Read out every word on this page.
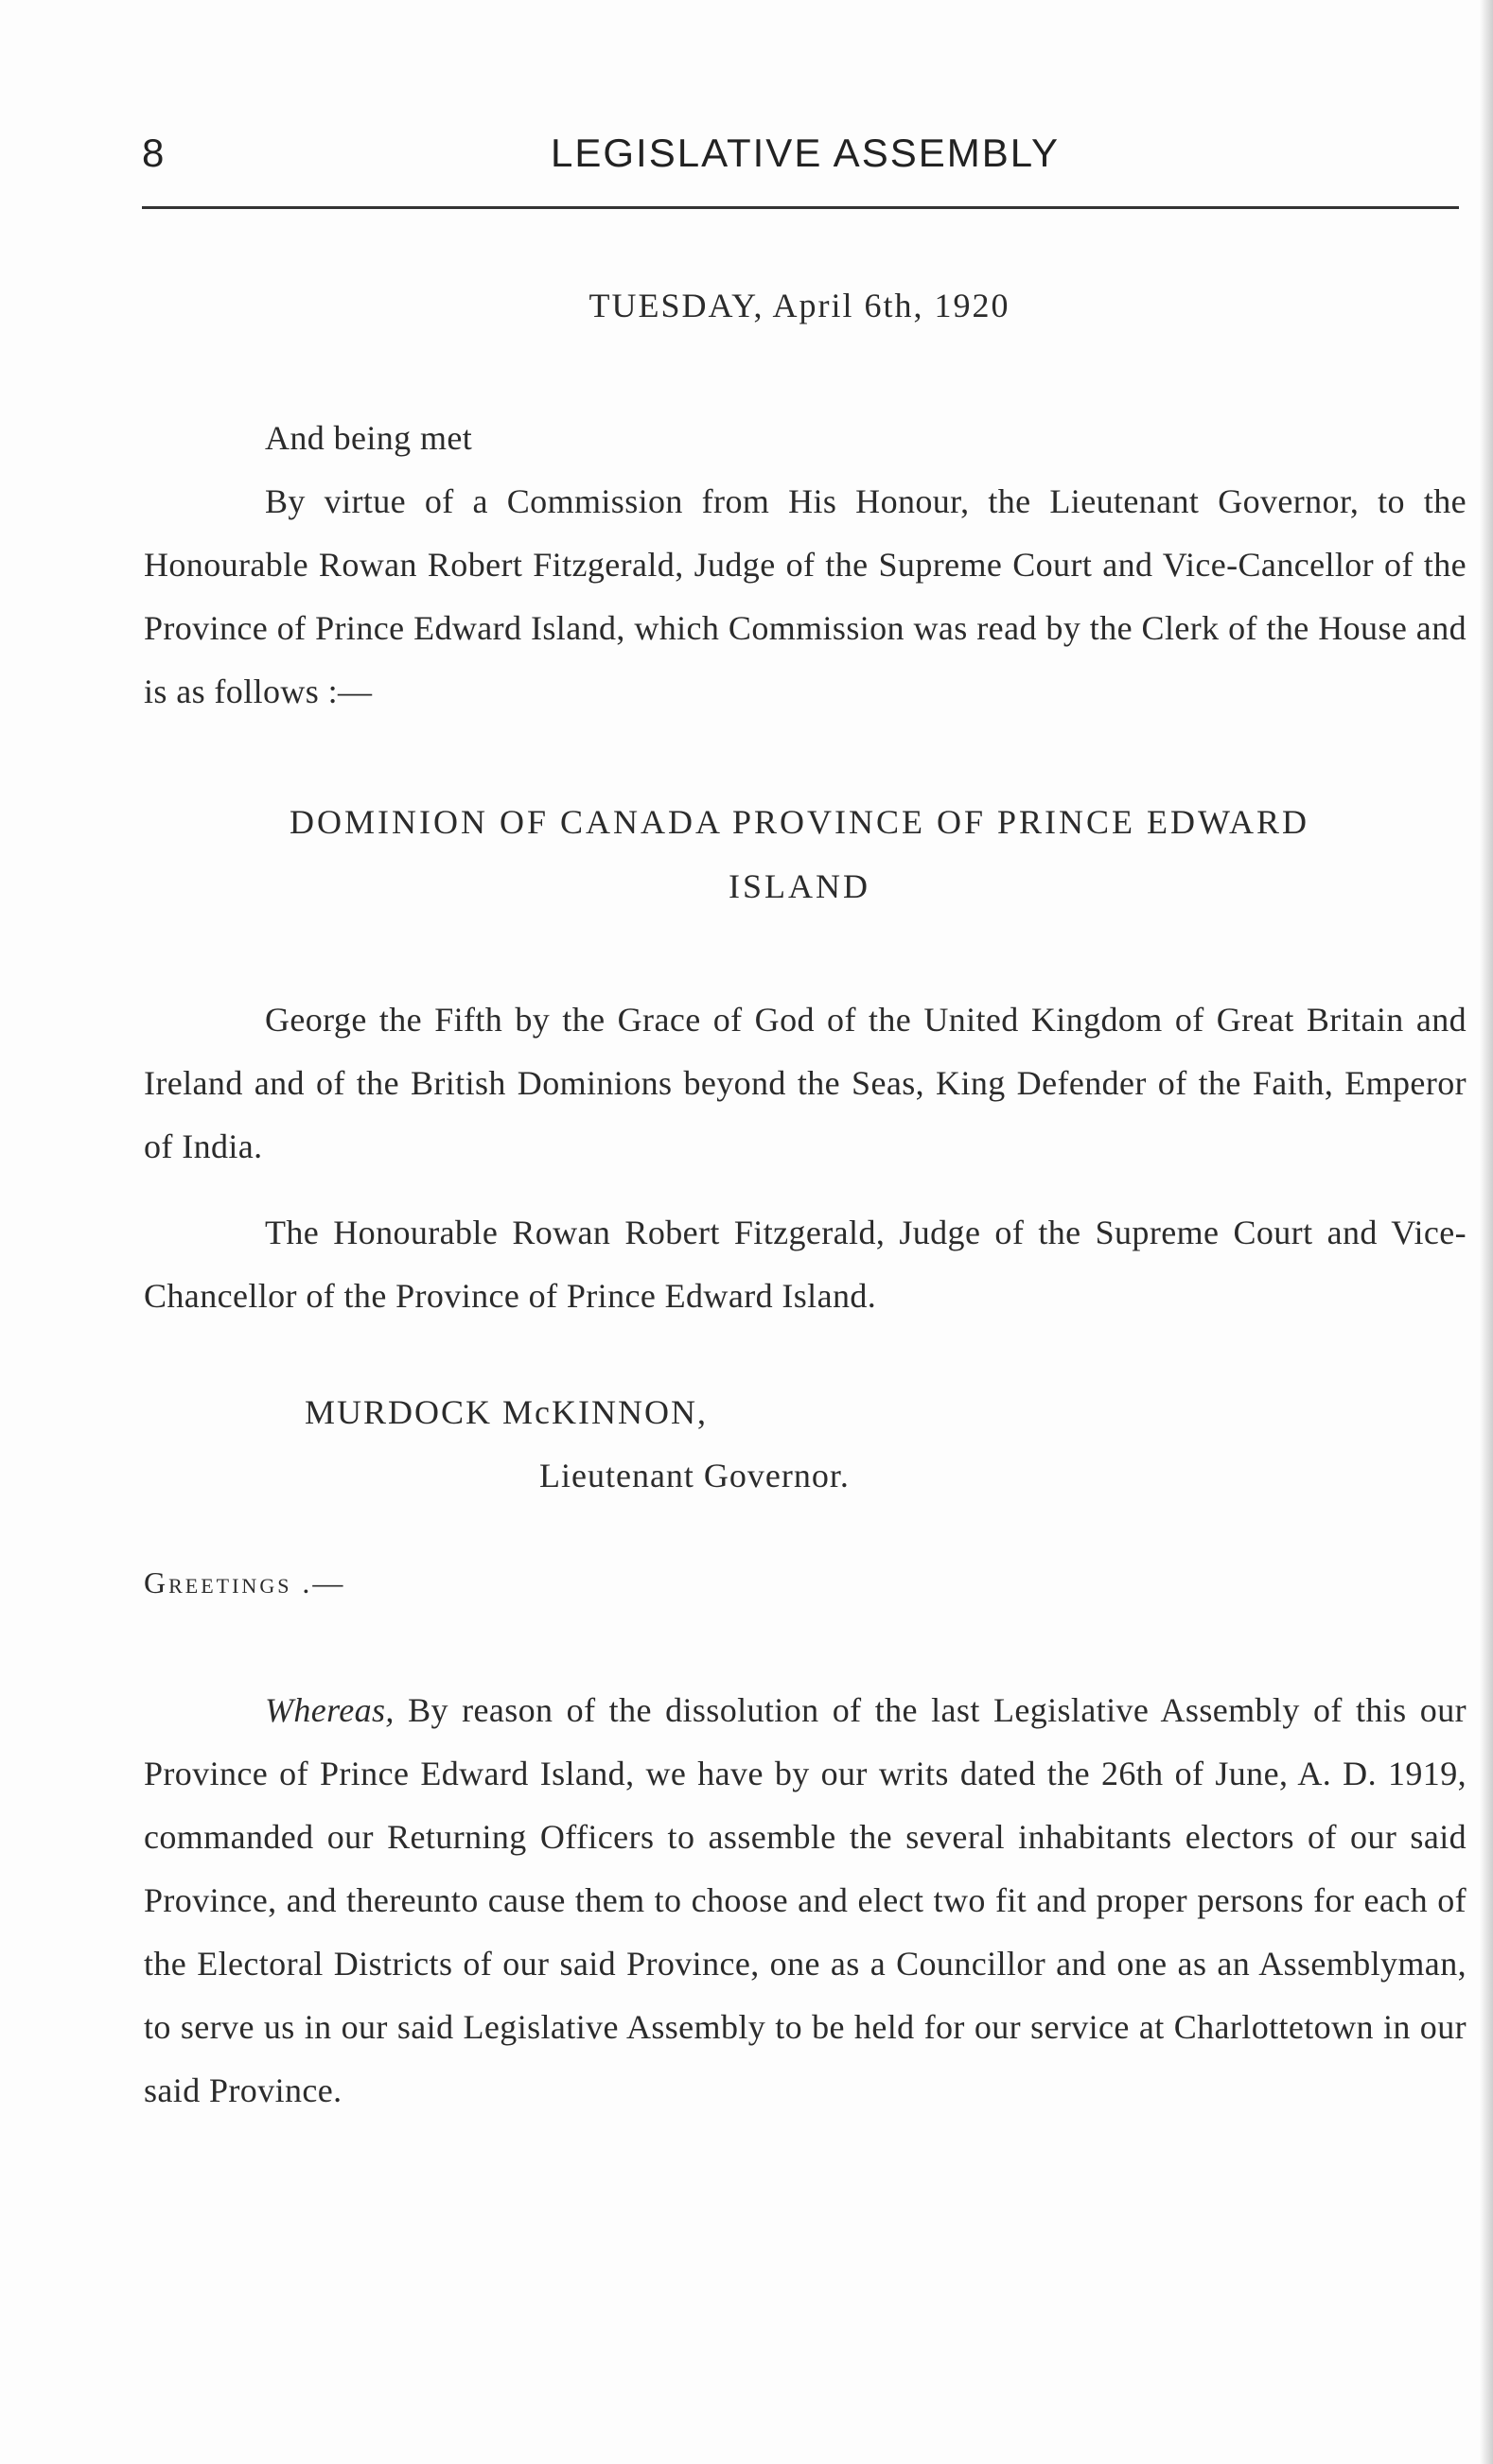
8	LEGISLATIVE ASSEMBLY
TUESDAY, April 6th, 1920
And being met
By virtue of a Commission from His Honour, the Lieutenant Governor, to the Honourable Rowan Robert Fitzgerald, Judge of the Supreme Court and Vice-Cancellor of the Province of Prince Edward Island, which Commission was read by the Clerk of the House and is as follows :—
DOMINION OF CANADA PROVINCE OF PRINCE EDWARD
ISLAND
George the Fifth by the Grace of God of the United Kingdom of Great Britain and Ireland and of the British Dominions beyond the Seas, King Defender of the Faith, Emperor of India.
The Honourable Rowan Robert Fitzgerald, Judge of the Supreme Court and Vice-Chancellor of the Province of Prince Edward Island.
MURDOCK McKINNON,
Lieutenant Governor.
Greetings .—
Whereas, By reason of the dissolution of the last Legislative Assembly of this our Province of Prince Edward Island, we have by our writs dated the 26th of June, A. D. 1919, commanded our Returning Officers to assemble the several inhabitants electors of our said Province, and thereunto cause them to choose and elect two fit and proper persons for each of the Electoral Districts of our said Province, one as a Councillor and one as an Assemblyman, to serve us in our said Legislative Assembly to be held for our service at Charlottetown in our said Province.
